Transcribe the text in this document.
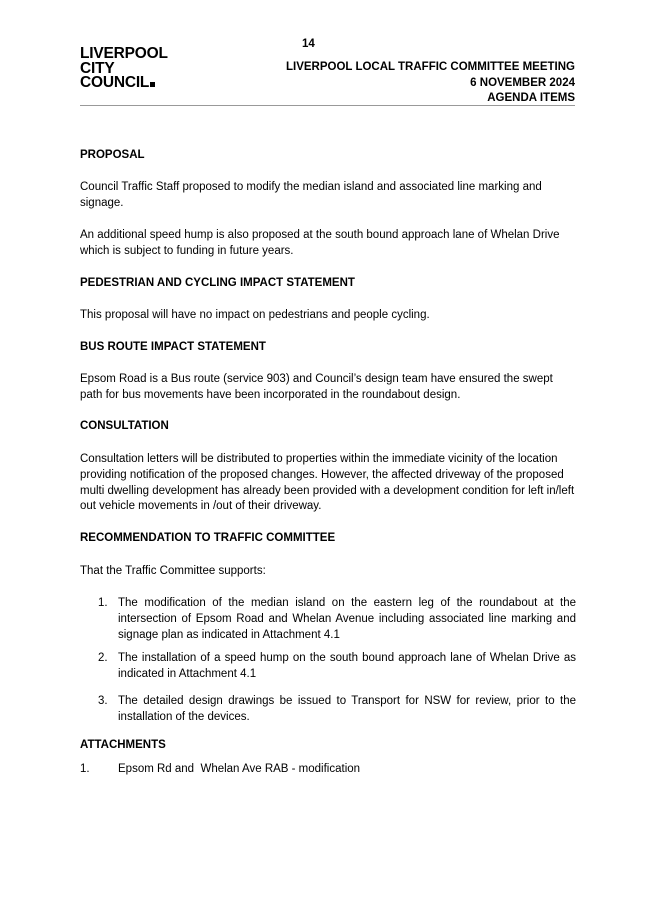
LIVERPOOL
CITY
COUNCIL
14
LIVERPOOL LOCAL TRAFFIC COMMITTEE MEETING
6 NOVEMBER 2024
AGENDA ITEMS
PROPOSAL
Council Traffic Staff proposed to modify the median island and associated line marking and signage.
An additional speed hump is also proposed at the south bound approach lane of Whelan Drive which is subject to funding in future years.
PEDESTRIAN AND CYCLING IMPACT STATEMENT
This proposal will have no impact on pedestrians and people cycling.
BUS ROUTE IMPACT STATEMENT
Epsom Road is a Bus route (service 903) and Council’s design team have ensured the swept path for bus movements have been incorporated in the roundabout design.
CONSULTATION
Consultation letters will be distributed to properties within the immediate vicinity of the location providing notification of the proposed changes. However, the affected driveway of the proposed multi dwelling development has already been provided with a development condition for left in/left out vehicle movements in /out of their driveway.
RECOMMENDATION TO TRAFFIC COMMITTEE
That the Traffic Committee supports:
1. The modification of the median island on the eastern leg of the roundabout at the intersection of Epsom Road and Whelan Avenue including associated line marking and signage plan as indicated in Attachment 4.1
2. The installation of a speed hump on the south bound approach lane of Whelan Drive as indicated in Attachment 4.1
3. The detailed design drawings be issued to Transport for NSW for review, prior to the installation of the devices.
ATTACHMENTS
1. Epsom Rd and  Whelan Ave RAB - modification
